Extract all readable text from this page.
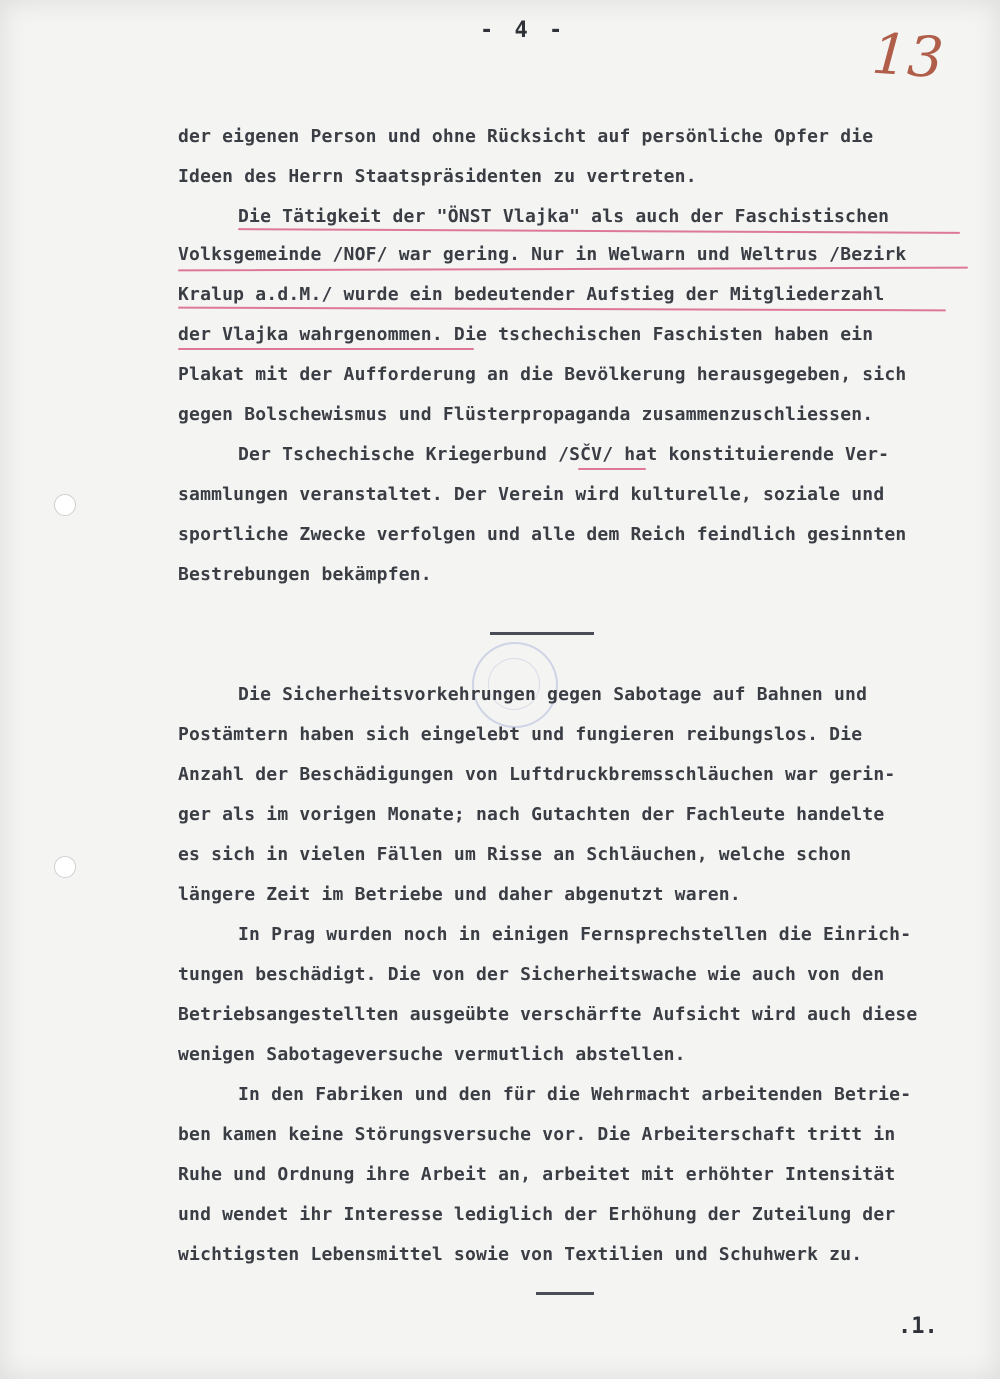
- 4 -	13
der eigenen Person und ohne Rücksicht auf persönliche Opfer die
Ideen des Herrn Staatspräsidenten zu vertreten.
Die Tätigkeit der "ÖNST Vlajka" als auch der Faschistischen
Volksgemeinde /NOF/ war gering. Nur in Welwarn und Weltrus /Bezirk
Kralup a.d.M./ wurde ein bedeutender Aufstieg der Mitgliederzahl
der Vlajka wahrgenommen. Die tschechischen Faschisten haben ein
Plakat mit der Aufforderung an die Bevölkerung herausgegeben, sich
gegen Bolschewismus und Flüsterpropaganda zusammenzuschliessen.
Der Tschechische Kriegerbund /SČV/ hat konstituierende Ver-
sammlungen veranstaltet. Der Verein wird kulturelle, soziale und
sportliche Zwecke verfolgen und alle dem Reich feindlich gesinnten
Bestrebungen bekämpfen.
Die Sicherheitsvorkehrungen gegen Sabotage auf Bahnen und
Postämtern haben sich eingelebt und fungieren reibungslos. Die
Anzahl der Beschädigungen von Luftdruckbremsschläuchen war gerin-
ger als im vorigen Monate; nach Gutachten der Fachleute handelte
es sich in vielen Fällen um Risse an Schläuchen, welche schon
längere Zeit im Betriebe und daher abgenutzt waren.
In Prag wurden noch in einigen Fernsprechstellen die Einrich-
tungen beschädigt. Die von der Sicherheitswache wie auch von den
Betriebsangestellten ausgeübte verschärfte Aufsicht wird auch diese
wenigen Sabotageversuche vermutlich abstellen.
In den Fabriken und den für die Wehrmacht arbeitenden Betrie-
ben kamen keine Störungsversuche vor. Die Arbeiterschaft tritt in
Ruhe und Ordnung ihre Arbeit an, arbeitet mit erhöhter Intensität
und wendet ihr Interesse lediglich der Erhöhung der Zuteilung der
wichtigsten Lebensmittel sowie von Textilien und Schuhwerk zu.
.1.
